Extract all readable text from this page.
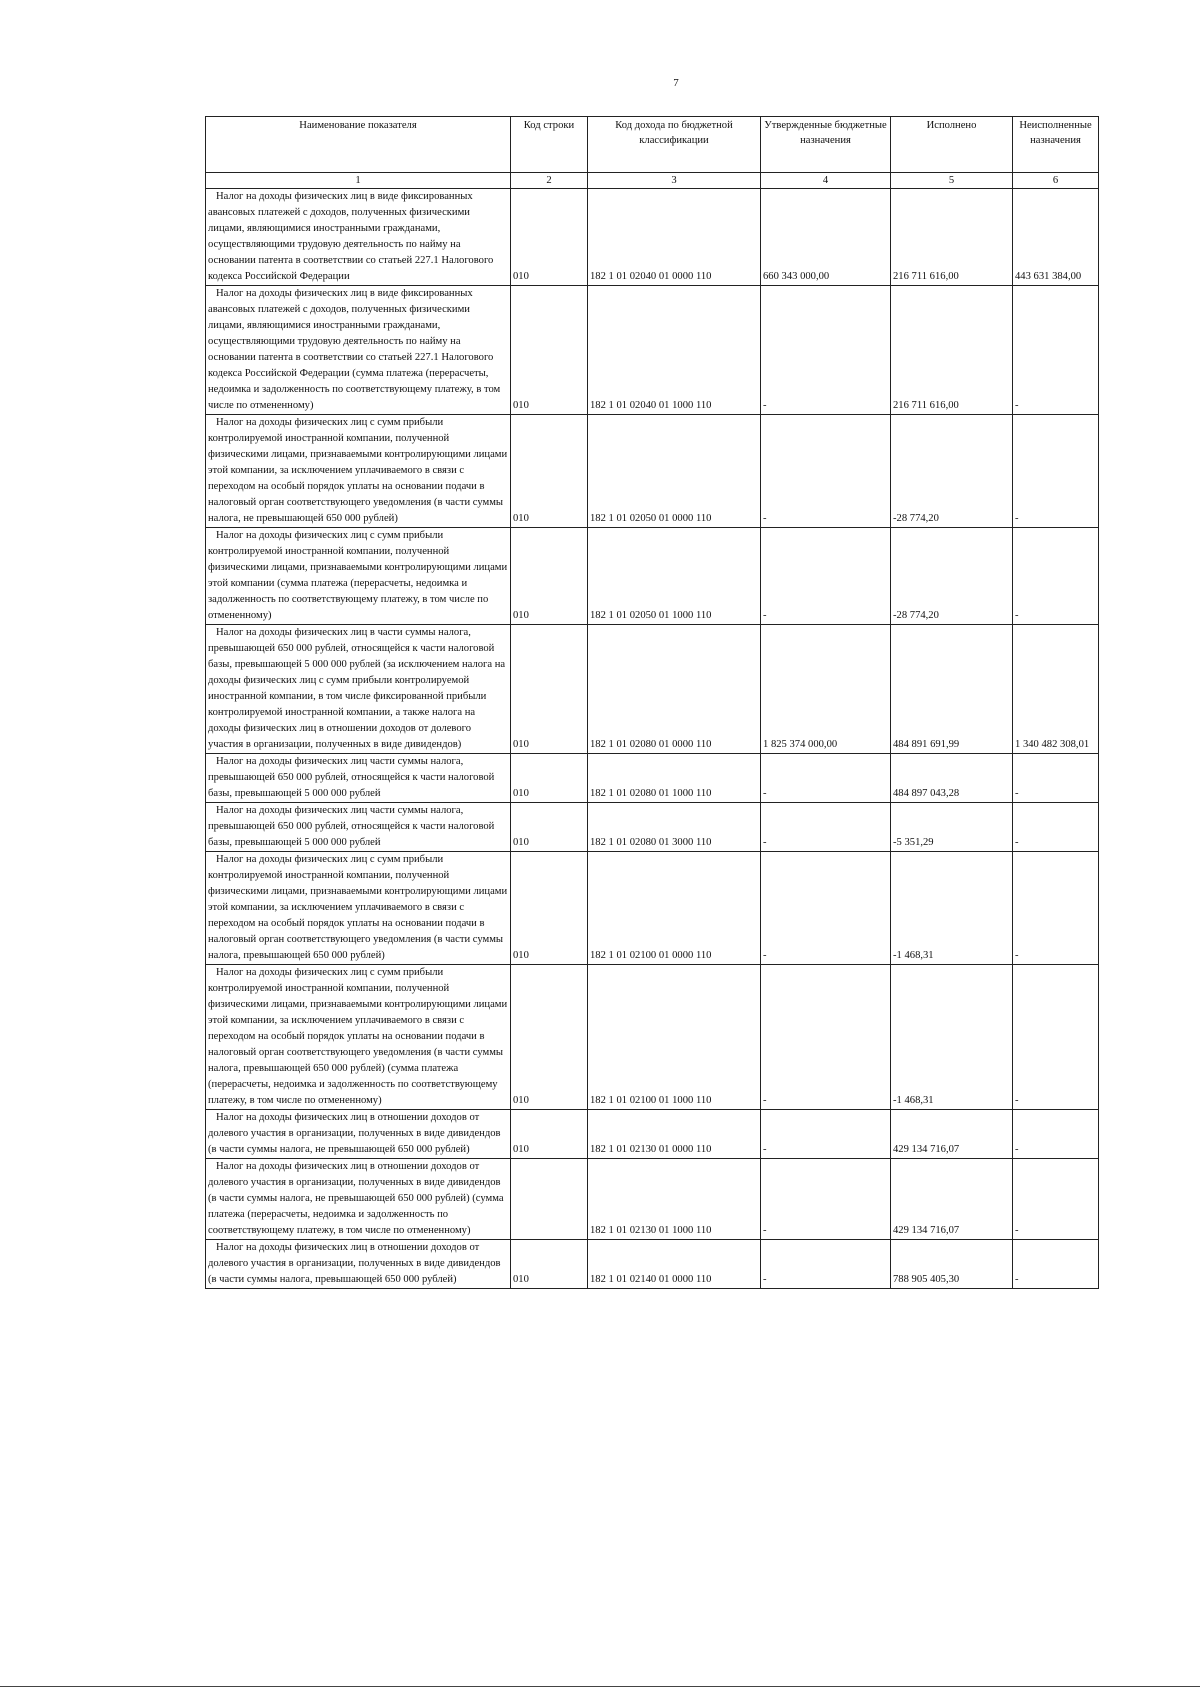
7
Наименование показателя	Код строки	Код дохода по бюджетной классификации	Утвержденные бюджетные назначения	Исполнено	Неисполненные назначения
1	2	3	4	5	6

Налог на доходы физических лиц в виде фиксированных авансовых платежей с доходов, полученных физическими лицами, являющимися иностранными гражданами, осуществляющими трудовую деятельность по найму на основании патента в соответствии со статьей 227.1 Налогового кодекса Российской Федерации	010	182 1 01 02040 01 0000 110	660 343 000,00	216 711 616,00	443 631 384,00

Налог на доходы физических лиц в виде фиксированных авансовых платежей с доходов, полученных физическими лицами, являющимися иностранными гражданами, осуществляющими трудовую деятельность по найму на основании патента в соответствии со статьей 227.1 Налогового кодекса Российской Федерации (сумма платежа (перерасчеты, недоимка и задолженность по соответствующему платежу, в том числе по отмененному)	010	182 1 01 02040 01 1000 110	-	216 711 616,00	-

Налог на доходы физических лиц с сумм прибыли контролируемой иностранной компании, полученной физическими лицами, признаваемыми контролирующими лицами этой компании, за исключением уплачиваемого в связи с переходом на особый порядок уплаты на основании подачи в налоговый орган соответствующего уведомления (в части суммы налога, не превышающей 650 000 рублей)	010	182 1 01 02050 01 0000 110	-	-28 774,20	-

Налог на доходы физических лиц с сумм прибыли контролируемой иностранной компании, полученной физическими лицами, признаваемыми контролирующими лицами этой компании (сумма платежа (перерасчеты, недоимка и задолженность по соответствующему платежу, в том числе по отмененному)	010	182 1 01 02050 01 1000 110	-	-28 774,20	-

Налог на доходы физических лиц в части суммы налога, превышающей 650 000 рублей, относящейся к части налоговой базы, превышающей 5 000 000 рублей (за исключением налога на доходы физических лиц с сумм прибыли контролируемой иностранной компании, в том числе фиксированной прибыли контролируемой иностранной компании, а также налога на доходы физических лиц в отношении доходов от долевого участия в организации, полученных в виде дивидендов)	010	182 1 01 02080 01 0000 110	1 825 374 000,00	484 891 691,99	1 340 482 308,01

Налог на доходы физических лиц части суммы налога, превышающей 650 000 рублей, относящейся к части налоговой базы, превышающей 5 000 000 рублей	010	182 1 01 02080 01 1000 110	-	484 897 043,28	-

Налог на доходы физических лиц части суммы налога, превышающей 650 000 рублей, относящейся к части налоговой базы, превышающей 5 000 000 рублей	010	182 1 01 02080 01 3000 110	-	-5 351,29	-

Налог на доходы физических лиц с сумм прибыли контролируемой иностранной компании, полученной физическими лицами, признаваемыми контролирующими лицами этой компании, за исключением уплачиваемого в связи с переходом на особый порядок уплаты на основании подачи в налоговый орган соответствующего уведомления (в части суммы налога, превышающей 650 000 рублей)	010	182 1 01 02100 01 0000 110	-	-1 468,31	-

Налог на доходы физических лиц с сумм прибыли контролируемой иностранной компании, полученной физическими лицами, признаваемыми контролирующими лицами этой компании, за исключением уплачиваемого в связи с переходом на особый порядок уплаты на основании подачи в налоговый орган соответствующего уведомления (в части суммы налога, превышающей 650 000 рублей) (сумма платежа (перерасчеты, недоимка и задолженность по соответствующему платежу, в том числе по отмененному)	010	182 1 01 02100 01 1000 110	-	-1 468,31	-

Налог на доходы физических лиц в отношении доходов от долевого участия в организации, полученных в виде дивидендов (в части суммы налога, не превышающей 650 000 рублей)	010	182 1 01 02130 01 0000 110	-	429 134 716,07	-

Налог на доходы физических лиц в отношении доходов от долевого участия в организации, полученных в виде дивидендов (в части суммы налога, не превышающей 650 000 рублей) (сумма платежа (перерасчеты, недоимка и задолженность по соответствующему платежу, в том числе по отмененному)		182 1 01 02130 01 1000 110	-	429 134 716,07	-

Налог на доходы физических лиц в отношении доходов от долевого участия в организации, полученных в виде дивидендов (в части суммы налога, превышающей 650 000 рублей)	010	182 1 01 02140 01 0000 110	-	788 905 405,30	-
